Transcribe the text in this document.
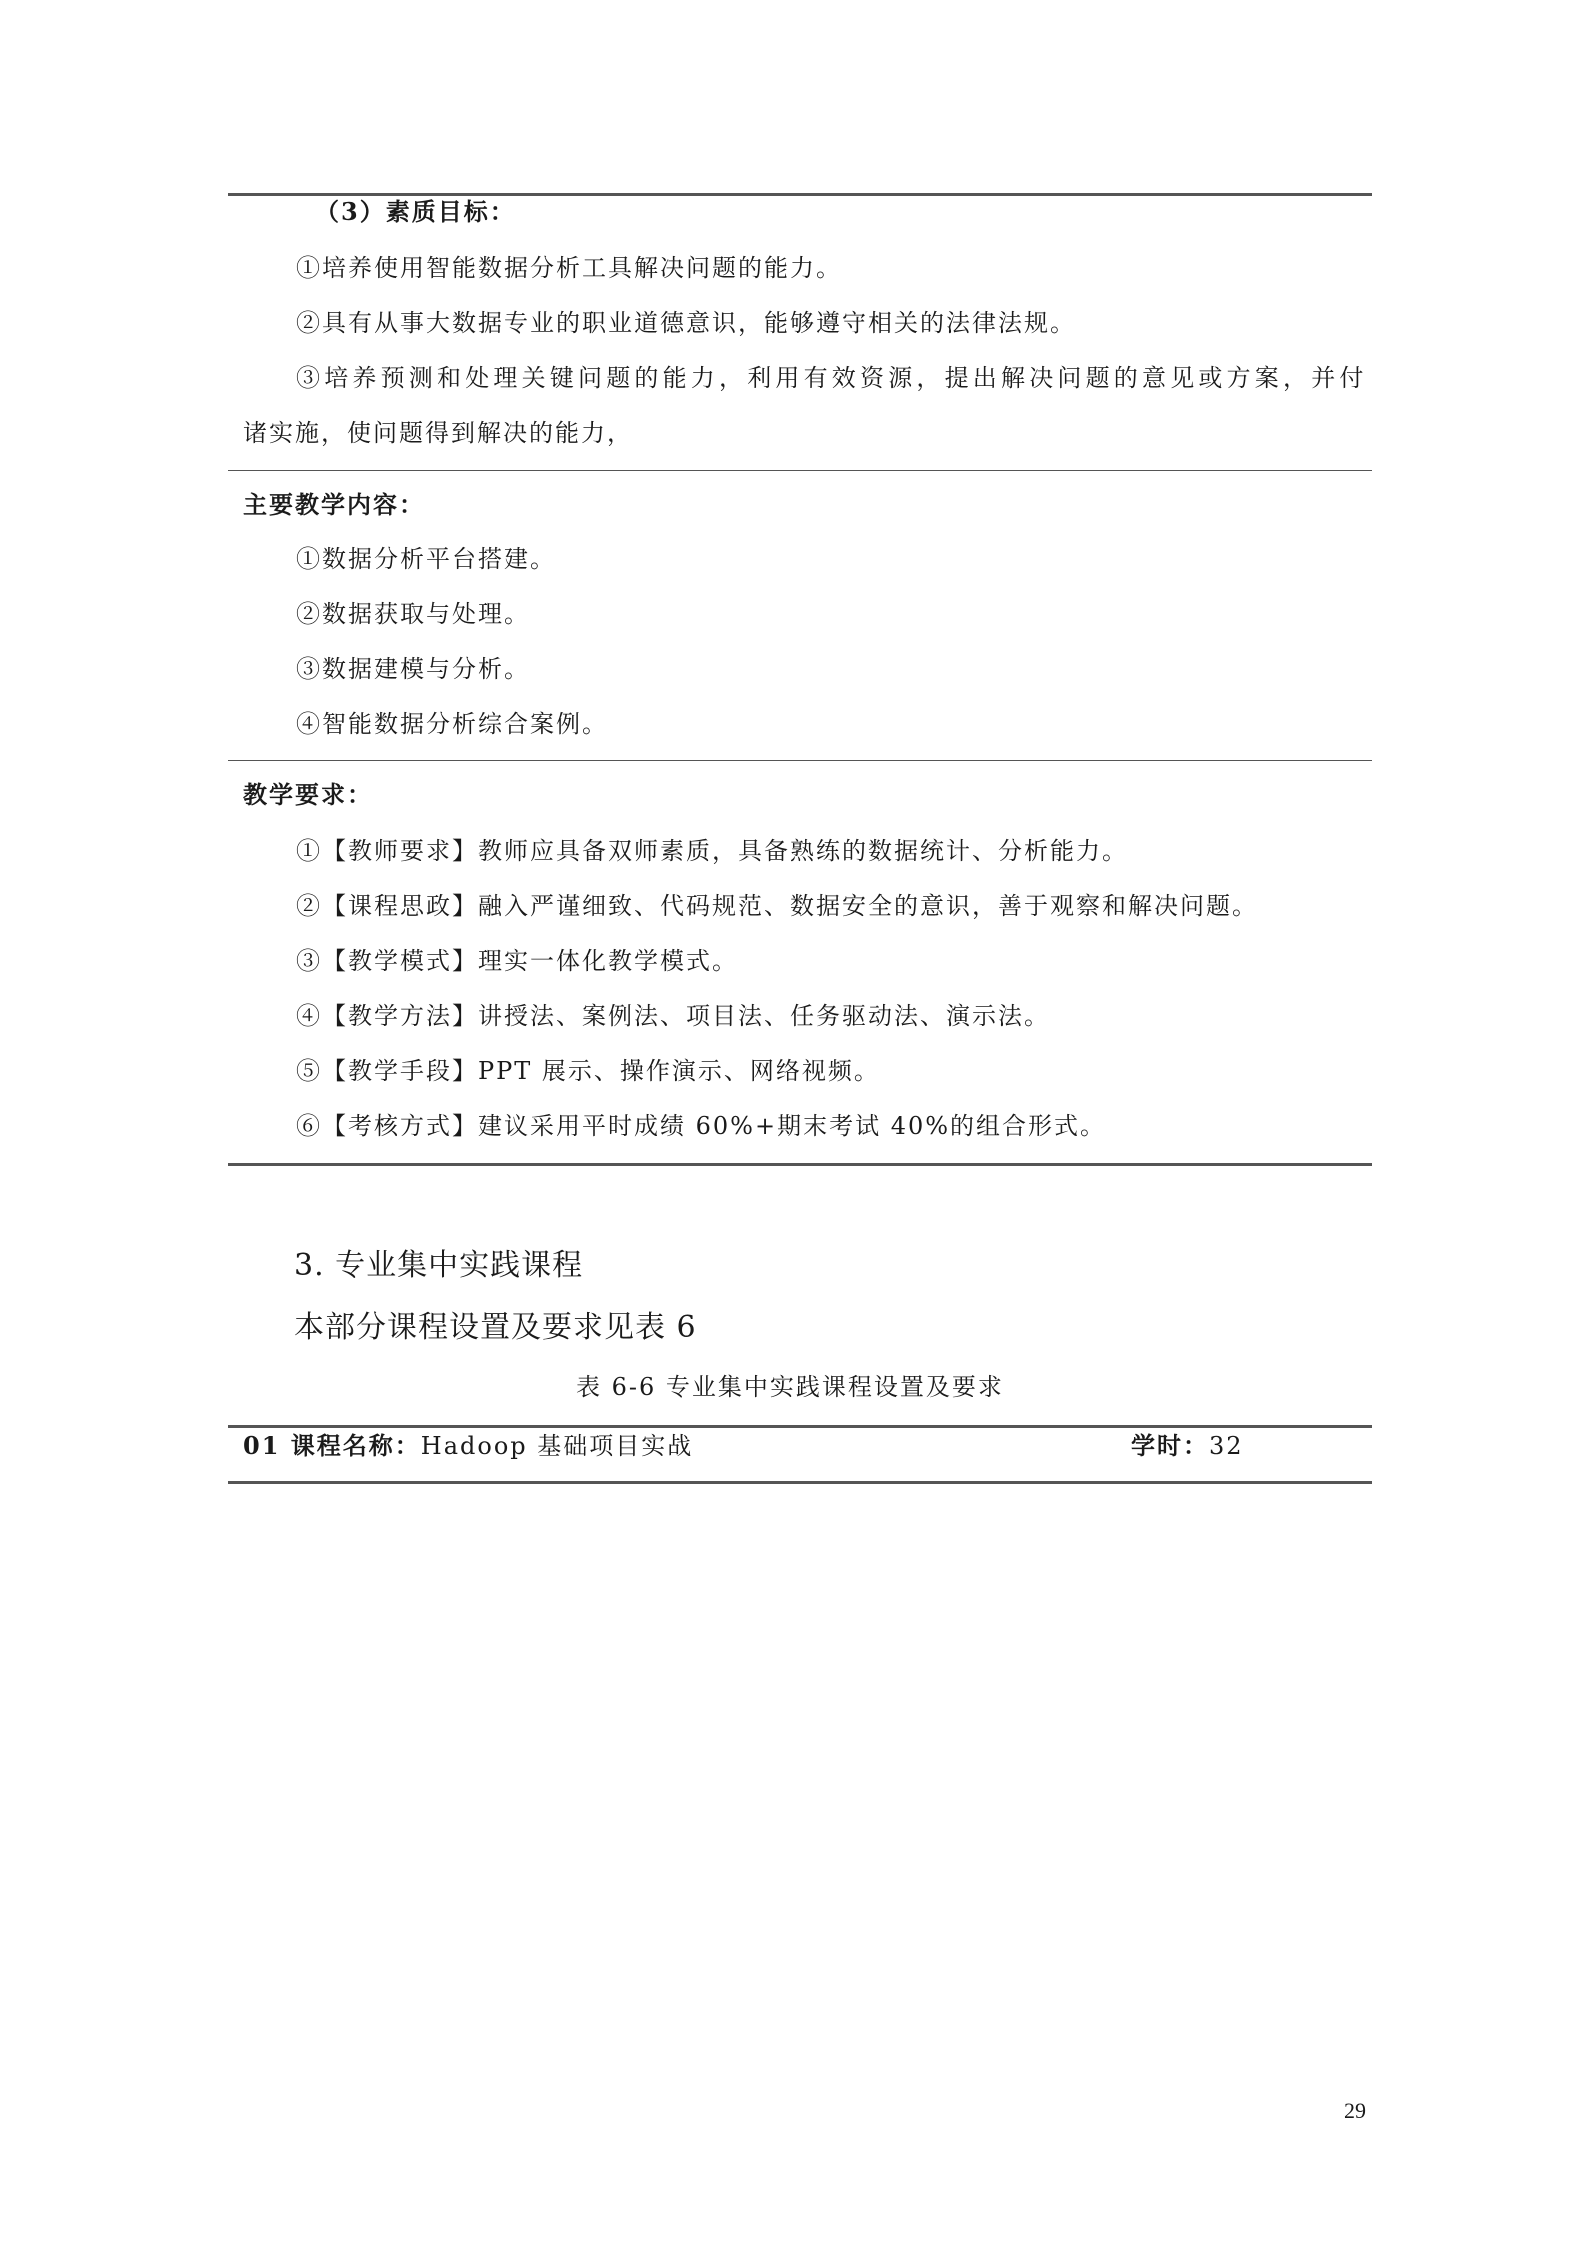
（3）素质目标：
①培养使用智能数据分析工具解决问题的能力。
②具有从事大数据专业的职业道德意识，能够遵守相关的法律法规。
③培养预测和处理关键问题的能力，利用有效资源，提出解决问题的意见或方案，并付
诸实施，使问题得到解决的能力，
主要教学内容：
①数据分析平台搭建。
②数据获取与处理。
③数据建模与分析。
④智能数据分析综合案例。
教学要求：
①【教师要求】教师应具备双师素质，具备熟练的数据统计、分析能力。
②【课程思政】融入严谨细致、代码规范、数据安全的意识，善于观察和解决问题。
③【教学模式】理实一体化教学模式。
④【教学方法】讲授法、案例法、项目法、任务驱动法、演示法。
⑤【教学手段】PPT 展示、操作演示、网络视频。
⑥【考核方式】建议采用平时成绩 60%+期末考试 40%的组合形式。
3. 专业集中实践课程
本部分课程设置及要求见表 6
表 6-6 专业集中实践课程设置及要求
01 课程名称：Hadoop 基础项目实战	学时：32
29
